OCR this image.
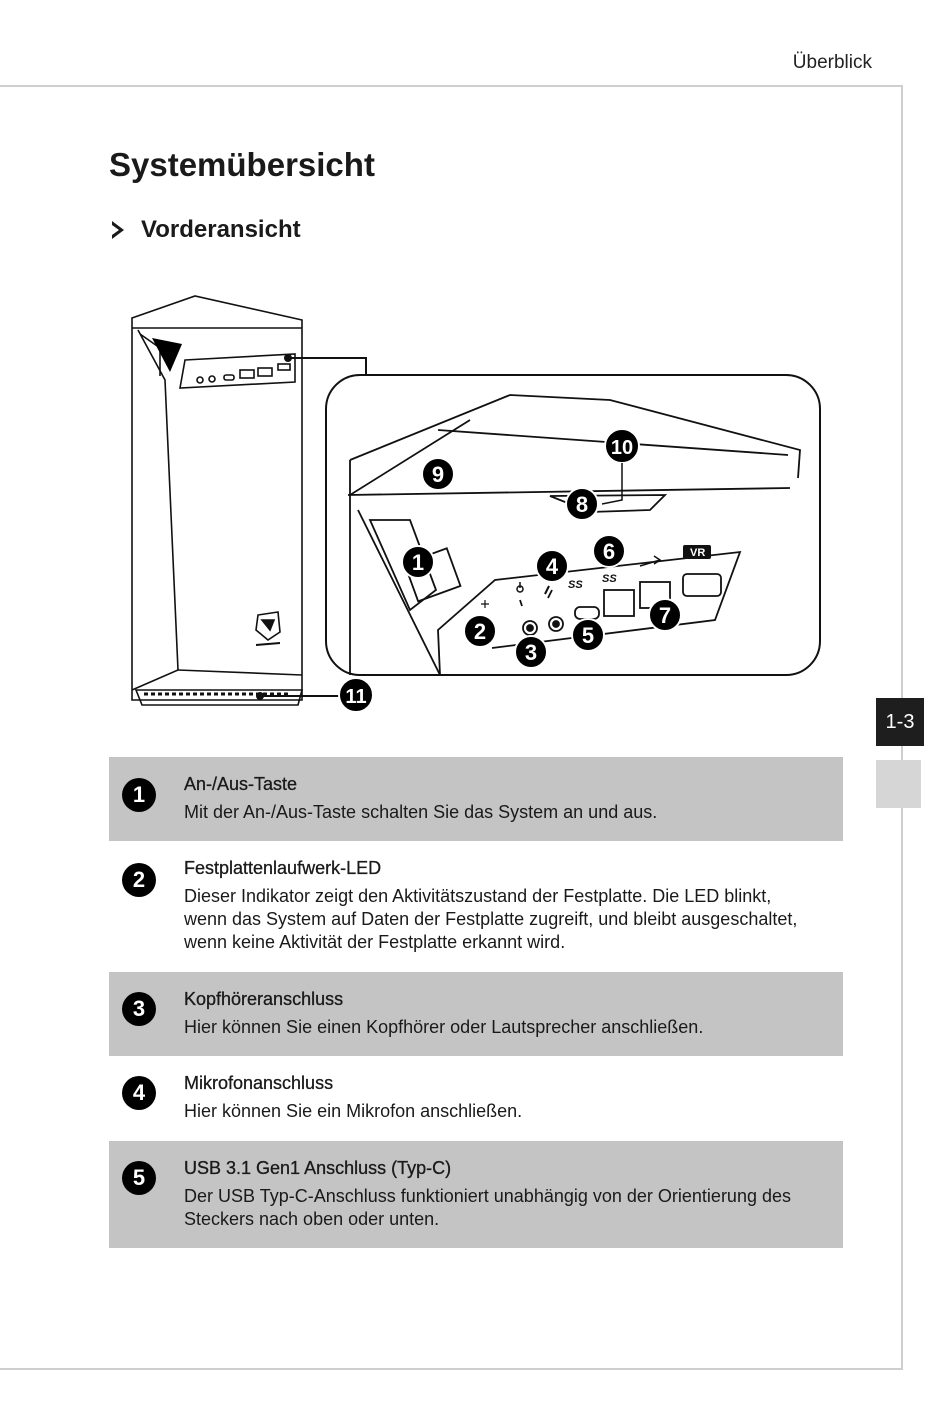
Überblick
Systemübersicht
Vorderansicht
SS SS
VR
1
2
3
4
5
6
7
8
9
10
11
1-3
1	An-/Aus-Taste

Mit der An-/Aus-Taste schalten Sie das System an und aus.

2	Festplattenlaufwerk-LED

Dieser Indikator zeigt den Aktivitätszustand der Festplatte. Die LED blinkt, wenn das System auf Daten der Festplatte zugreift, und bleibt ausgeschaltet, wenn keine Aktivität der Festplatte erkannt wird.

3	Kopfhöreranschluss

Hier können Sie einen Kopfhörer oder Lautsprecher anschließen.

4	Mikrofonanschluss

Hier können Sie ein Mikrofon anschließen.

5	USB 3.1 Gen1 Anschluss (Typ-C)

Der USB Typ-C-Anschluss funktioniert unabhängig von der Orientierung des Steckers nach oben oder unten.
